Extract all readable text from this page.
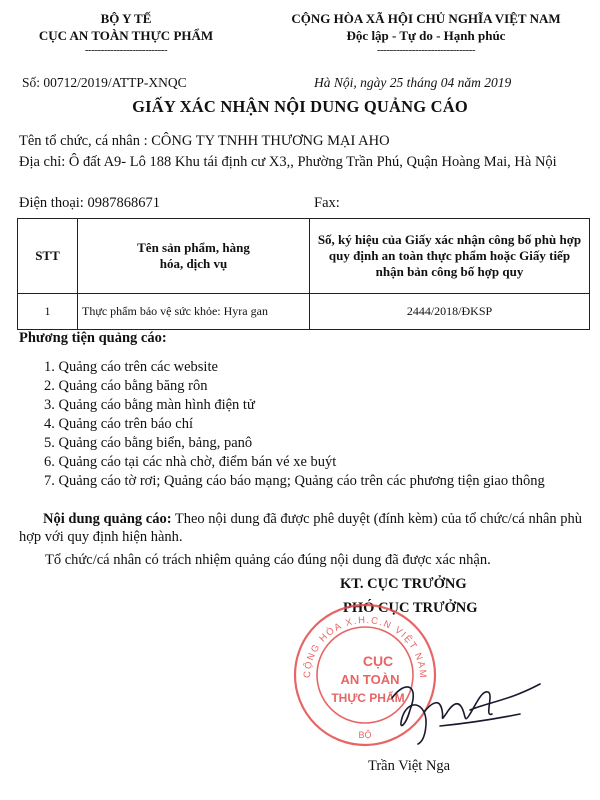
BỘ Y TẾ
CỤC AN TOÀN THỰC PHẨM
--------------------------
CỘNG HÒA XÃ HỘI CHỦ NGHĨA VIỆT NAM
Độc lập - Tự do - Hạnh phúc
-------------------------------
Số: 00712/2019/ATTP-XNQC	Hà Nội, ngày 25 tháng 04 năm 2019
GIẤY XÁC NHẬN NỘI DUNG QUẢNG CÁO
Tên tổ chức, cá nhân : CÔNG TY TNHH THƯƠNG MẠI AHO
Địa chỉ: Ô đất A9- Lô 188 Khu tái định cư X3,, Phường Trần Phú, Quận Hoàng Mai, Hà Nội
Điện thoại: 0987868671	Fax:
STT	Tên sản phẩm, hàng hóa, dịch vụ	Số, ký hiệu của Giấy xác nhận công bố phù hợp quy định an toàn thực phẩm hoặc Giấy tiếp nhận bản công bố hợp quy
1	Thực phẩm bảo vệ sức khỏe: Hyra gan	2444/2018/ĐKSP
Phương tiện quảng cáo:
1. Quảng cáo trên các website
2. Quảng cáo bằng băng rôn
3. Quảng cáo bằng màn hình điện tử
4. Quảng cáo trên báo chí
5. Quảng cáo bằng biển, bảng, panô
6. Quảng cáo tại các nhà chờ, điểm bán vé xe buýt
7. Quảng cáo tờ rơi; Quảng cáo báo mạng; Quảng cáo trên các phương tiện giao thông
Nội dung quảng cáo: Theo nội dung đã được phê duyệt (đính kèm) của tổ chức/cá nhân phù hợp với quy định hiện hành.
Tổ chức/cá nhân có trách nhiệm quảng cáo đúng nội dung đã được xác nhận.
KT. CỤC TRƯỞNG
PHÓ CỤC TRƯỞNG
CỘNG HÒA X.H.C.N VIỆT NAM
BỘ
CỤC
AN TOÀN
THỰC PHẨM
Trần Việt Nga
